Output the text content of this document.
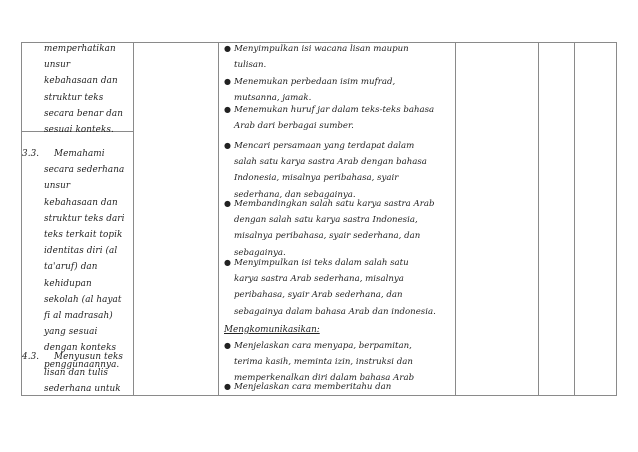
memperhatikan
unsur
kebahasaan dan
struktur teks
secara benar dan
sesuai konteks.
3.3.	Memahami
secara sederhana
unsur
kebahasaan dan
struktur teks dari
teks terkait topik
identitas diri (al
ta'aruf) dan
kehidupan
sekolah (al hayat
fi al madrasah)
yang sesuai
dengan konteks
penggunaannya.
4.3.	Menyusun teks
lisan dan tulis
sederhana untuk
● Menyimpulkan isi wacana lisan maupun
tulisan.
● Menemukan perbedaan isim mufrad,
mutsanna, jamak.
● Menemukan huruf jar dalam teks-teks bahasa
Arab dari berbagai sumber.
● Mencari persamaan yang terdapat dalam
salah satu karya sastra Arab dengan bahasa
Indonesia, misalnya peribahasa, syair
sederhana, dan sebagainya.
● Membandingkan salah satu karya sastra Arab
dengan salah satu karya sastra Indonesia,
misalnya peribahasa, syair sederhana, dan
sebagainya.
● Menyimpulkan isi teks dalam salah satu
karya sastra Arab sederhana, misalnya
peribahasa, syair Arab sederhana, dan
sebagainya dalam bahasa Arab dan indonesia.
Mengkomunikasikan:
● Menjelaskan cara menyapa, berpamitan,
terima kasih, meminta izin, instruksi dan
memperkenalkan diri dalam bahasa Arab
● Menjelaskan cara memberitahu dan
